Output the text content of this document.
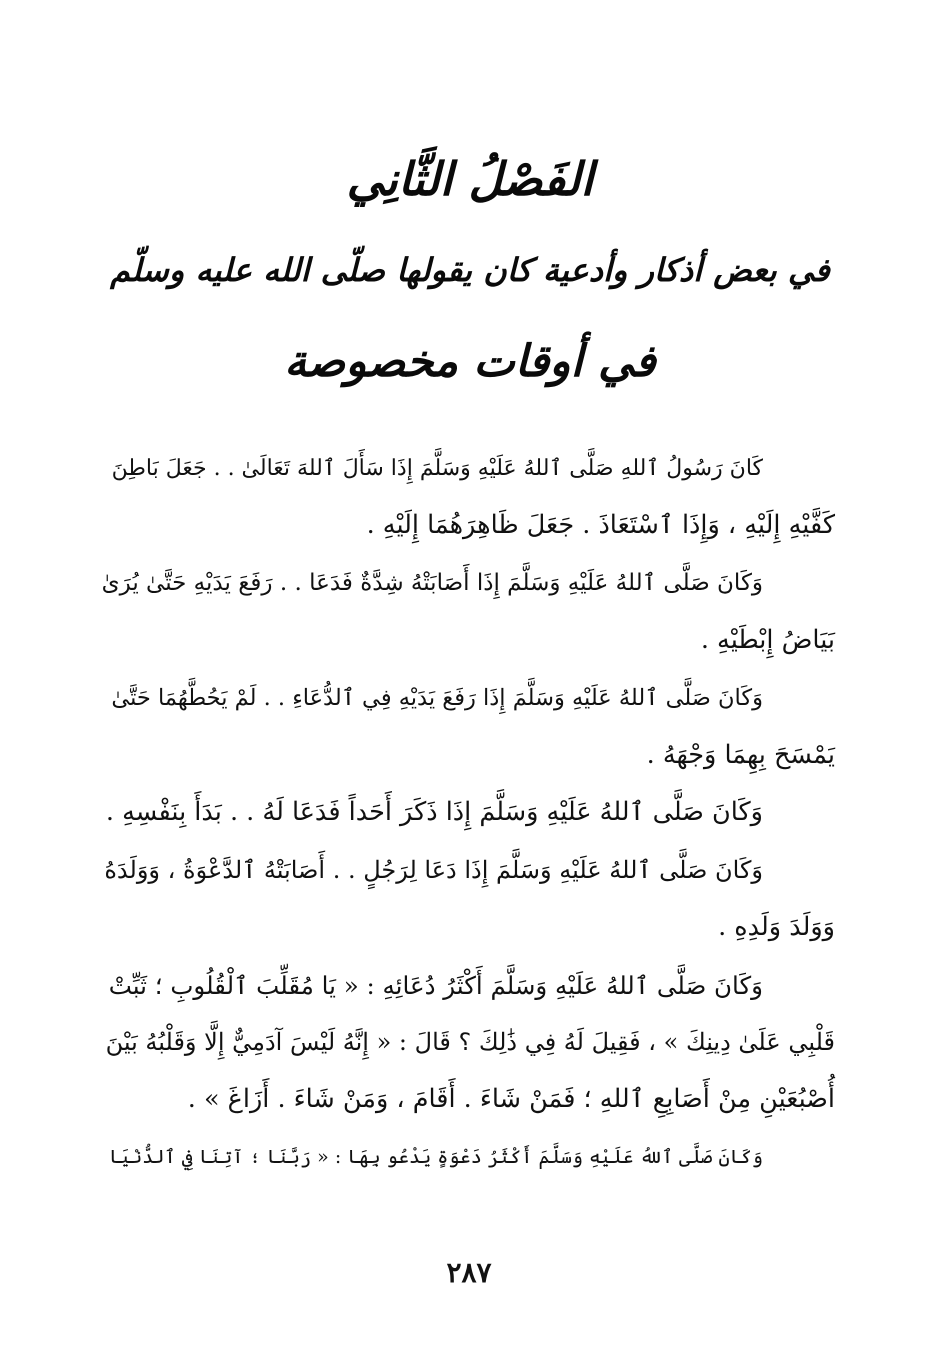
الفَصْلُ الثَّانِي
في بعض أذكار وأدعية كان يقولها صلّى الله عليه وسلّم
في أوقات مخصوصة

كَانَ رَسُولُ ٱللهِ صَلَّى ٱللهُ عَلَيْهِ وَسَلَّمَ إِذَا سَأَلَ ٱللهَ تَعَالَىٰ . . جَعَلَ بَاطِنَ
كَفَّيْهِ إِلَيْهِ ، وَإِذَا ٱسْتَعَاذَ . جَعَلَ ظَاهِرَهُمَا إِلَيْهِ .

وَكَانَ صَلَّى ٱللهُ عَلَيْهِ وَسَلَّمَ إِذَا أَصَابَتْهُ شِدَّةٌ فَدَعَا . . رَفَعَ يَدَيْهِ حَتَّىٰ يُرَىٰ
بَيَاضُ إِبْطَيْهِ .

وَكَانَ صَلَّى ٱللهُ عَلَيْهِ وَسَلَّمَ إِذَا رَفَعَ يَدَيْهِ فِي ٱلدُّعَاءِ . . لَمْ يَحُطَّهُمَا حَتَّىٰ
يَمْسَحَ بِهِمَا وَجْهَهُ .

وَكَانَ صَلَّى ٱللهُ عَلَيْهِ وَسَلَّمَ إِذَا ذَكَرَ أَحَداً فَدَعَا لَهُ . . بَدَأَ بِنَفْسِهِ .

وَكَانَ صَلَّى ٱللهُ عَلَيْهِ وَسَلَّمَ إِذَا دَعَا لِرَجُلٍ . . أَصَابَتْهُ ٱلدَّعْوَةُ ، وَوَلَدَهُ
وَوَلَدَ وَلَدِهِ .

وَكَانَ صَلَّى ٱللهُ عَلَيْهِ وَسَلَّمَ أَكْثَرُ دُعَائِهِ : « يَا مُقَلِّبَ ٱلْقُلُوبِ ؛ ثَبِّتْ
قَلْبِي عَلَىٰ دِينِكَ » ، فَقِيلَ لَهُ فِي ذَٰلِكَ ؟ قَالَ : « إِنَّهُ لَيْسَ آدَمِيٌّ إِلَّا وَقَلْبُهُ بَيْنَ
أُصْبُعَيْنِ مِنْ أَصَابِعِ ٱللهِ ؛ فَمَنْ شَاءَ . أَقَامَ ، وَمَنْ شَاءَ . أَزَاغَ » .

وَكَانَ صَلَّى ٱللهُ عَلَيْهِ وَسَلَّمَ أَكْثَرُ دَعْوَةٍ يَدْعُو بِهَا : « رَبَّنَا ؛ آتِنَا فِي ٱلدُّنْيَا

٢٨٧
